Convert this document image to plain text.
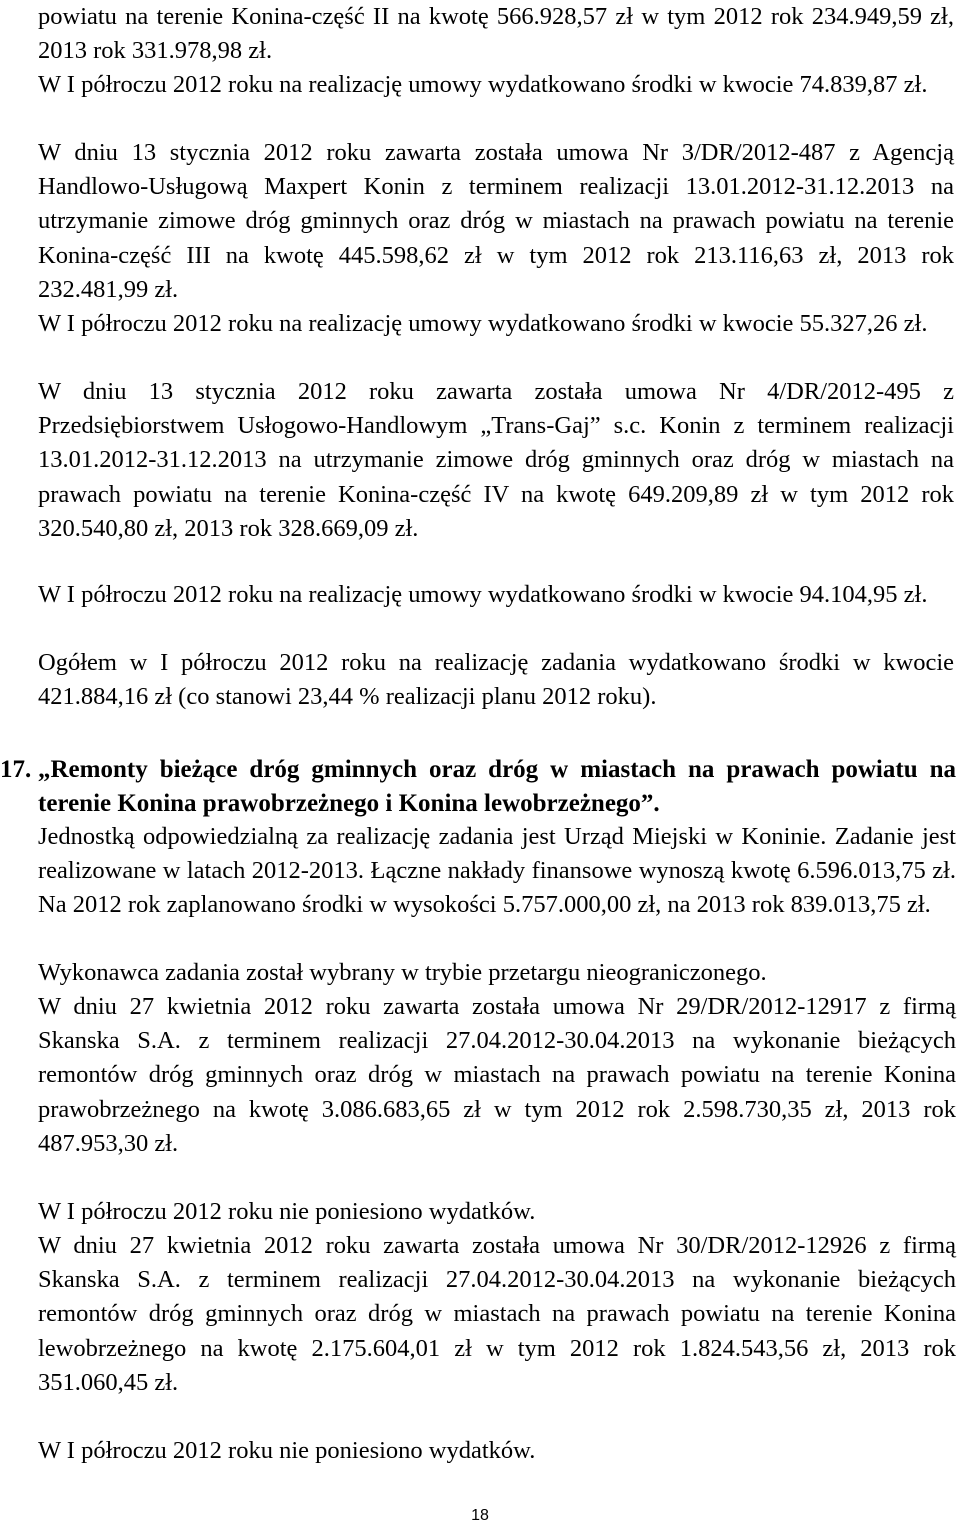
powiatu na terenie Konina-część II na kwotę 566.928,57 zł w tym 2012 rok 234.949,59 zł, 2013 rok 331.978,98 zł.

W I półroczu 2012 roku na realizację umowy wydatkowano środki w kwocie 74.839,87 zł.

W dniu 13 stycznia 2012 roku zawarta została umowa Nr 3/DR/2012-487 z Agencją Handlowo-Usługową Maxpert Konin z terminem realizacji 13.01.2012-31.12.2013 na utrzymanie zimowe dróg gminnych oraz dróg w miastach na prawach powiatu na terenie Konina-część III na kwotę 445.598,62 zł w tym 2012 rok 213.116,63 zł, 2013 rok 232.481,99 zł.

W I półroczu 2012 roku na realizację umowy wydatkowano środki w kwocie 55.327,26 zł.

W dniu 13 stycznia 2012 roku zawarta została umowa Nr 4/DR/2012-495 z Przedsiębiorstwem Usłogowo-Handlowym „Trans-Gaj” s.c. Konin z terminem realizacji 13.01.2012-31.12.2013 na utrzymanie zimowe dróg gminnych oraz dróg w miastach na prawach powiatu na terenie Konina-część IV na kwotę 649.209,89 zł w tym 2012 rok 320.540,80 zł, 2013 rok 328.669,09 zł.

W I półroczu 2012 roku na realizację umowy wydatkowano środki w kwocie 94.104,95 zł.

Ogółem w I półroczu 2012 roku na realizację zadania wydatkowano środki w kwocie 421.884,16 zł (co stanowi 23,44 % realizacji planu 2012 roku).

17. „Remonty bieżące dróg gminnych oraz dróg w miastach na prawach powiatu na terenie Konina prawobrzeżnego i Konina lewobrzeżnego”.

Jednostką odpowiedzialną za realizację zadania jest Urząd Miejski w Koninie. Zadanie jest realizowane w latach 2012-2013. Łączne nakłady finansowe wynoszą kwotę 6.596.013,75 zł. Na 2012 rok zaplanowano środki w wysokości 5.757.000,00 zł, na 2013 rok 839.013,75 zł.

Wykonawca zadania został wybrany w trybie przetargu nieograniczonego.

W dniu 27 kwietnia 2012 roku zawarta została umowa Nr 29/DR/2012-12917 z firmą Skanska S.A. z terminem realizacji 27.04.2012-30.04.2013 na wykonanie bieżących remontów dróg gminnych oraz dróg w miastach na prawach powiatu na terenie Konina prawobrzeżnego na kwotę 3.086.683,65 zł w tym 2012 rok 2.598.730,35 zł, 2013 rok 487.953,30 zł.

W I półroczu 2012 roku nie poniesiono wydatków.

W dniu 27 kwietnia 2012 roku zawarta została umowa Nr 30/DR/2012-12926 z firmą Skanska S.A. z terminem realizacji 27.04.2012-30.04.2013 na wykonanie bieżących remontów dróg gminnych oraz dróg w miastach na prawach powiatu na terenie Konina lewobrzeżnego na kwotę 2.175.604,01 zł w tym 2012 rok 1.824.543,56 zł, 2013 rok 351.060,45 zł.

W I półroczu 2012 roku nie poniesiono wydatków.

18
